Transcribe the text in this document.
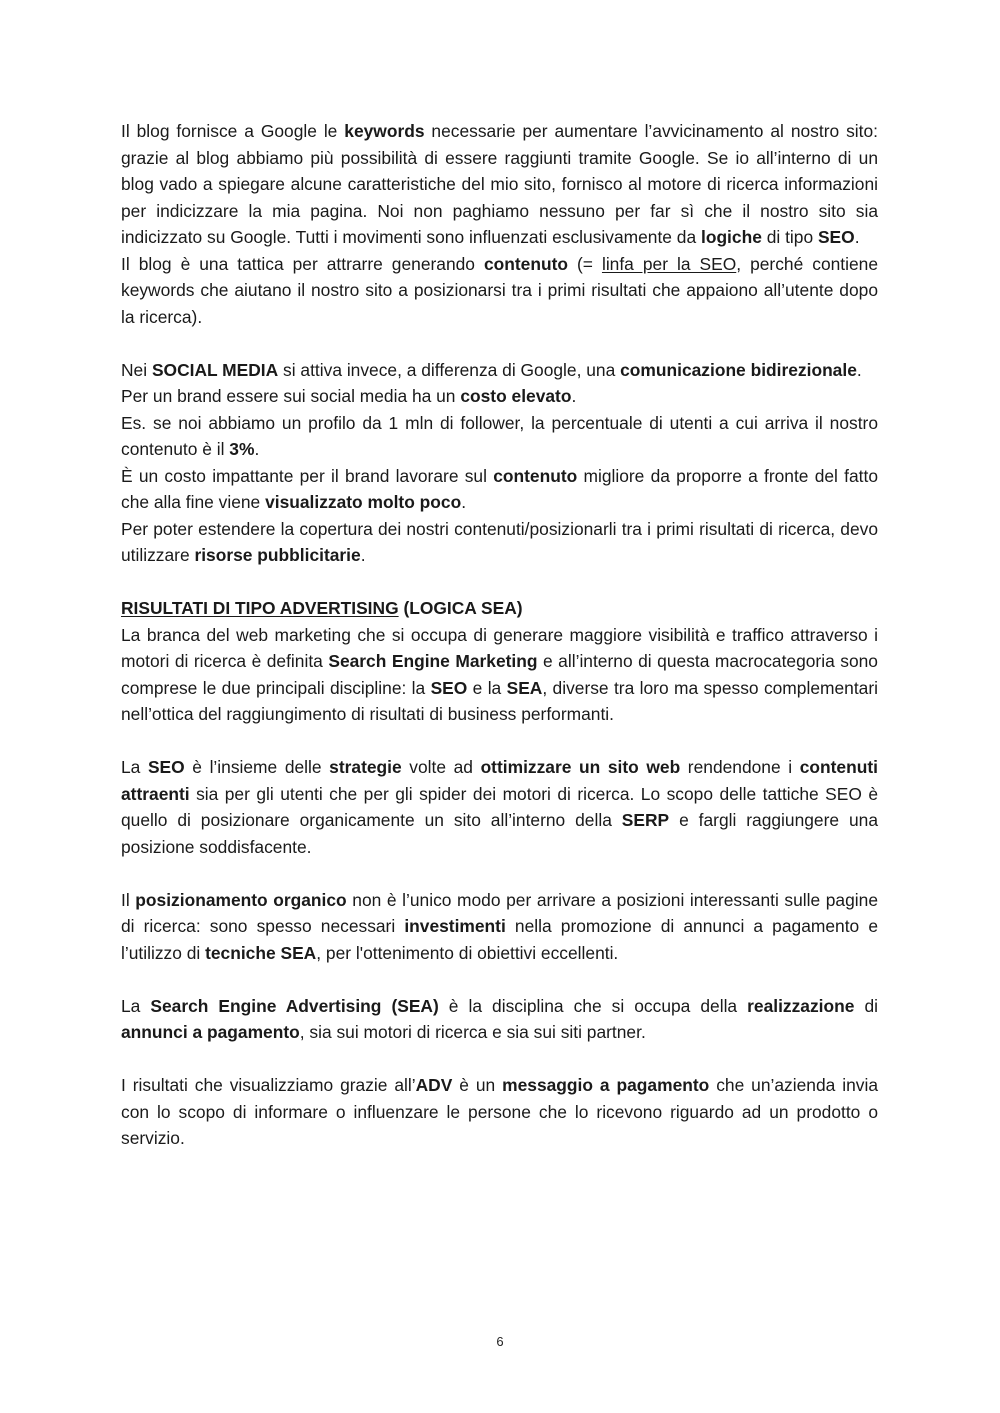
Il blog fornisce a Google le keywords necessarie per aumentare l’avvicinamento al nostro sito: grazie al blog abbiamo più possibilità di essere raggiunti tramite Google. Se io all’interno di un blog vado a spiegare alcune caratteristiche del mio sito, fornisco al motore di ricerca informazioni per indicizzare la mia pagina. Noi non paghiamo nessuno per far sì che il nostro sito sia indicizzato su Google. Tutti i movimenti sono influenzati esclusivamente da logiche di tipo SEO.

Il blog è una tattica per attrarre generando contenuto (= linfa per la SEO, perché contiene keywords che aiutano il nostro sito a posizionarsi tra i primi risultati che appaiono all’utente dopo la ricerca).

Nei SOCIAL MEDIA si attiva invece, a differenza di Google, una comunicazione bidirezionale.

Per un brand essere sui social media ha un costo elevato.

Es. se noi abbiamo un profilo da 1 mln di follower, la percentuale di utenti a cui arriva il nostro contenuto è il 3%.

È un costo impattante per il brand lavorare sul contenuto migliore da proporre a fronte del fatto che alla fine viene visualizzato molto poco.

Per poter estendere la copertura dei nostri contenuti/posizionarli tra i primi risultati di ricerca, devo utilizzare risorse pubblicitarie.

RISULTATI DI TIPO ADVERTISING (LOGICA SEA)

La branca del web marketing che si occupa di generare maggiore visibilità e traffico attraverso i motori di ricerca è definita Search Engine Marketing e all’interno di questa macrocategoria sono comprese le due principali discipline: la SEO e la SEA, diverse tra loro ma spesso complementari nell’ottica del raggiungimento di risultati di business performanti.

La SEO è l’insieme delle strategie volte ad ottimizzare un sito web rendendone i contenuti attraenti sia per gli utenti che per gli spider dei motori di ricerca. Lo scopo delle tattiche SEO è quello di posizionare organicamente un sito all’interno della SERP e fargli raggiungere una posizione soddisfacente.

Il posizionamento organico non è l’unico modo per arrivare a posizioni interessanti sulle pagine di ricerca: sono spesso necessari investimenti nella promozione di annunci a pagamento e l’utilizzo di tecniche SEA, per l'ottenimento di obiettivi eccellenti.

La Search Engine Advertising (SEA) è la disciplina che si occupa della realizzazione di annunci a pagamento, sia sui motori di ricerca e sia sui siti partner.

I risultati che visualizziamo grazie all’ADV è un messaggio a pagamento che un’azienda invia con lo scopo di informare o influenzare le persone che lo ricevono riguardo ad un prodotto o servizio.

6
